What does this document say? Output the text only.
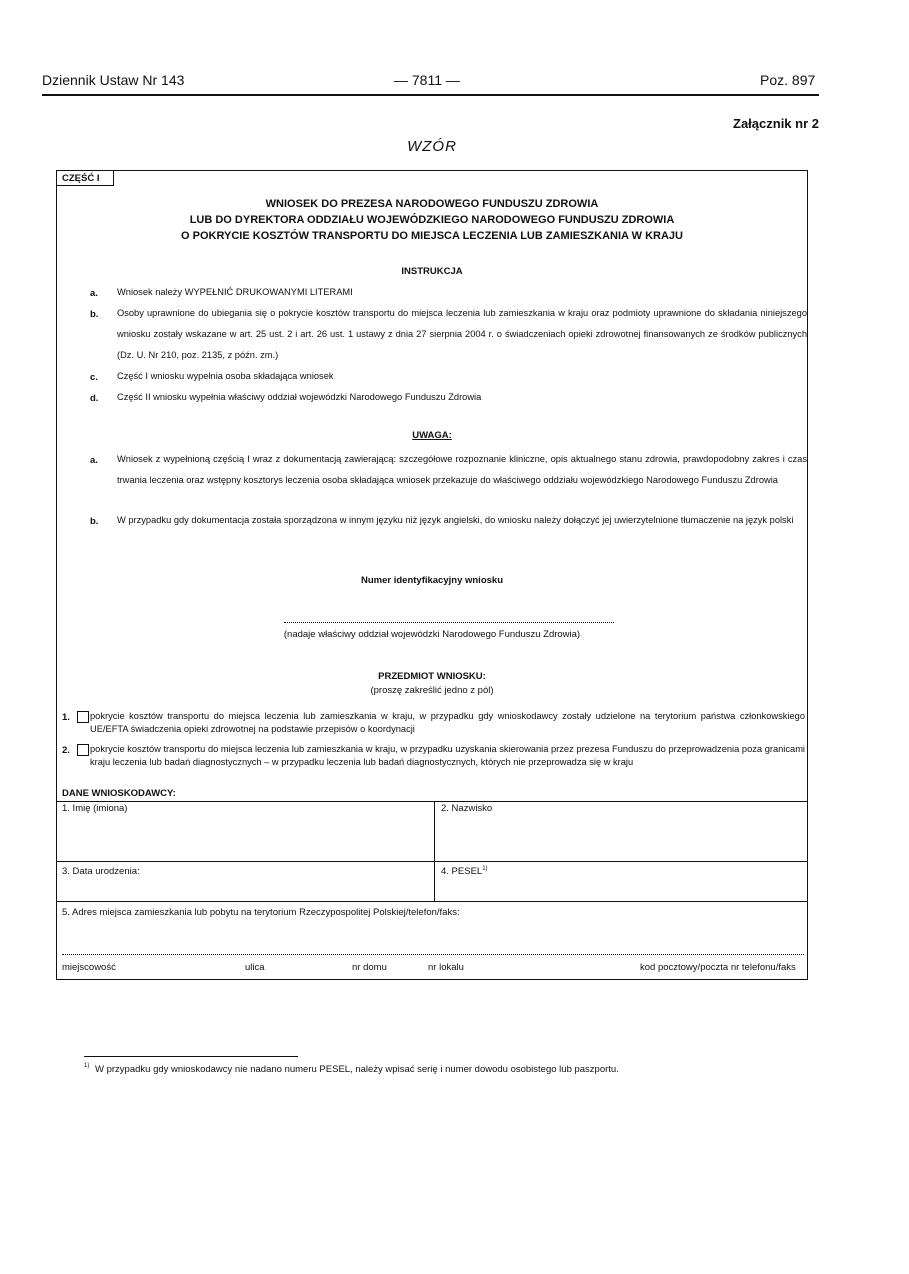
Dziennik Ustaw Nr 143	— 7811 —	Poz. 897
Załącznik nr 2
WZÓR
CZĘŚĆ I
WNIOSEK DO PREZESA NARODOWEGO FUNDUSZU ZDROWIA
LUB DO DYREKTORA ODDZIAŁU WOJEWÓDZKIEGO NARODOWEGO FUNDUSZU ZDROWIA
O POKRYCIE KOSZTÓW TRANSPORTU DO MIEJSCA LECZENIA LUB ZAMIESZKANIA W KRAJU
INSTRUKCJA
a. Wniosek należy WYPEŁNIĆ DRUKOWANYMI LITERAMI
b. Osoby uprawnione do ubiegania się o pokrycie kosztów transportu do miejsca leczenia lub zamieszkania w kraju oraz podmioty uprawnione do składania niniejszego wniosku zostały wskazane w art. 25 ust. 2 i art. 26 ust. 1 ustawy z dnia 27 sierpnia 2004 r. o świadczeniach opieki zdrowotnej finansowanych ze środków publicznych (Dz. U. Nr 210, poz. 2135, z późn. zm.)
c. Część I wniosku wypełnia osoba składająca wniosek
d. Część II wniosku wypełnia właściwy oddział wojewódzki Narodowego Funduszu Zdrowia
UWAGA:
a. Wniosek z wypełnioną częścią I wraz z dokumentacją zawierającą: szczegółowe rozpoznanie kliniczne, opis aktualnego stanu zdrowia, prawdopodobny zakres i czas trwania leczenia oraz wstępny kosztorys leczenia osoba składająca wniosek przekazuje do właściwego oddziału wojewódzkiego Narodowego Funduszu Zdrowia
b. W przypadku gdy dokumentacja została sporządzona w innym języku niż język angielski, do wniosku należy dołączyć jej uwierzytelnione tłumaczenie na język polski
Numer identyfikacyjny wniosku
(nadaje właściwy oddział wojewódzki Narodowego Funduszu Zdrowia)
PRZEDMIOT WNIOSKU:
(proszę zakreślić jedno z pól)
1. pokrycie kosztów transportu do miejsca leczenia lub zamieszkania w kraju, w przypadku gdy wnioskodawcy zostały udzielone na terytorium państwa członkowskiego UE/EFTA świadczenia opieki zdrowotnej na podstawie przepisów o koordynacji
2. pokrycie kosztów transportu do miejsca leczenia lub zamieszkania w kraju, w przypadku uzyskania skierowania przez prezesa Funduszu do przeprowadzenia poza granicami kraju leczenia lub badań diagnostycznych – w przypadku leczenia lub badań diagnostycznych, których nie przeprowadza się w kraju
DANE WNIOSKODAWCY:
1. Imię (imiona)	2. Nazwisko
3. Data urodzenia:	4. PESEL$^{1)}$
5. Adres miejsca zamieszkania lub pobytu na terytorium Rzeczypospolitej Polskiej/telefon/faks:
miejscowość	ulica	nr domu	nr lokalu	kod pocztowy/poczta nr telefonu/faks
1) W przypadku gdy wnioskodawcy nie nadano numeru PESEL, należy wpisać serię i numer dowodu osobistego lub paszportu.
